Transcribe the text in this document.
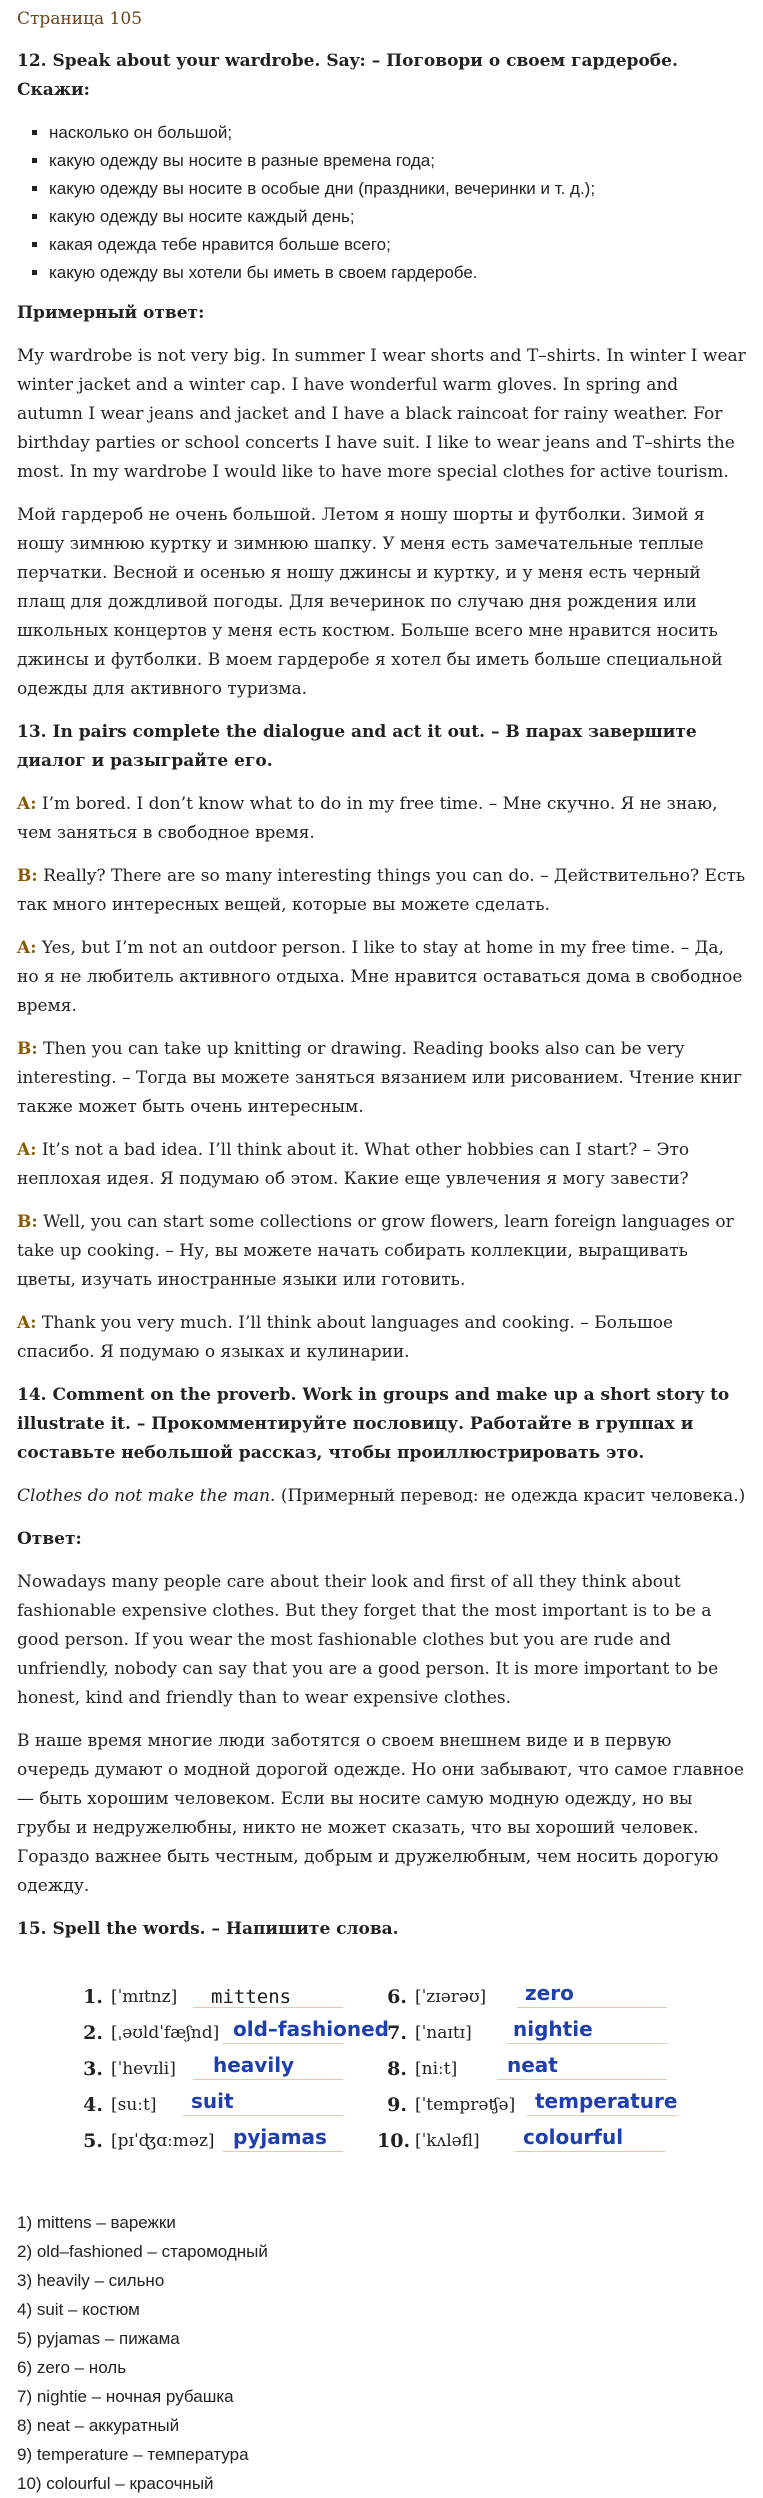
Страница 105
12. Speak about your wardrobe. Say: – Поговори о своем гардеробе. Скажи:
▪ насколько он большой;
▪ какую одежду вы носите в разные времена года;
▪ какую одежду вы носите в особые дни (праздники, вечеринки и т. д.);
▪ какую одежду вы носите каждый день;
▪ какая одежда тебе нравится больше всего;
▪ какую одежду вы хотели бы иметь в своем гардеробе.
Примерный ответ:

My wardrobe is not very big. In summer I wear shorts and T–shirts. In winter I wear winter jacket and a winter cap. I have wonderful warm gloves. In spring and autumn I wear jeans and jacket and I have a black raincoat for rainy weather. For birthday parties or school concerts I have suit. I like to wear jeans and T–shirts the most. In my wardrobe I would like to have more special clothes for active tourism.

Мой гардероб не очень большой. Летом я ношу шорты и футболки. Зимой я ношу зимнюю куртку и зимнюю шапку. У меня есть замечательные теплые перчатки. Весной и осенью я ношу джинсы и куртку, и у меня есть черный плащ для дождливой погоды. Для вечеринок по случаю дня рождения или школьных концертов у меня есть костюм. Больше всего мне нравится носить джинсы и футболки. В моем гардеробе я хотел бы иметь больше специальной одежды для активного туризма.

13. In pairs complete the dialogue and act it out. – В парах завершите диалог и разыграйте его.

A: I’m bored. I don’t know what to do in my free time. – Мне скучно. Я не знаю, чем заняться в свободное время.

B: Really? There are so many interesting things you can do. – Действительно? Есть так много интересных вещей, которые вы можете сделать.

A: Yes, but I’m not an outdoor person. I like to stay at home in my free time. – Да, но я не любитель активного отдыха. Мне нравится оставаться дома в свободное время.

B: Then you can take up knitting or drawing. Reading books also can be very interesting. – Тогда вы можете заняться вязанием или рисованием. Чтение книг также может быть очень интересным.

A: It’s not a bad idea. I’ll think about it. What other hobbies can I start? – Это неплохая идея. Я подумаю об этом. Какие еще увлечения я могу завести?

B: Well, you can start some collections or grow flowers, learn foreign languages or take up cooking. – Ну, вы можете начать собирать коллекции, выращивать цветы, изучать иностранные языки или готовить.

A: Thank you very much. I’ll think about languages and cooking. – Большое спасибо. Я подумаю о языках и кулинарии.

14. Comment on the proverb. Work in groups and make up a short story to illustrate it. – Прокомментируйте пословицу. Работайте в группах и составьте небольшой рассказ, чтобы проиллюстрировать это.

Clothes do not make the man. (Примерный перевод: не одежда красит человека.)

Ответ:

Nowadays many people care about their look and first of all they think about fashionable expensive clothes. But they forget that the most important is to be a good person. If you wear the most fashionable clothes but you are rude and unfriendly, nobody can say that you are a good person. It is more important to be honest, kind and friendly than to wear expensive clothes.

В наше время многие люди заботятся о своем внешнем виде и в первую очередь думают о модной дорогой одежде. Но они забывают, что самое главное — быть хорошим человеком. Если вы носите самую модную одежду, но вы грубы и недружелюбны, никто не может сказать, что вы хороший человек. Гораздо важнее быть честным, добрым и дружелюбным, чем носить дорогую одежду.

15. Spell the words. – Напишите слова.
1. [ˈmɪtnz] mittens
2. [ˌəʊldˈfæʃnd] old–fashioned
3. [ˈhevɪli] heavily
4. [suːt] suit
5. [pɪˈʤɑːməz] pyjamas
6. [ˈzɪərəʊ] zero
7. [ˈnaɪtɪ] nightie
8. [niːt] neat
9. [ˈtemprəʧə] temperature
10. [ˈkʌləfl] colourful
1) mittens – варежки
2) old–fashioned – старомодный
3) heavily – сильно
4) suit – костюм
5) pyjamas – пижама
6) zero – ноль
7) nightie – ночная рубашка
8) neat – аккуратный
9) temperature – температура
10) colourful – красочный
